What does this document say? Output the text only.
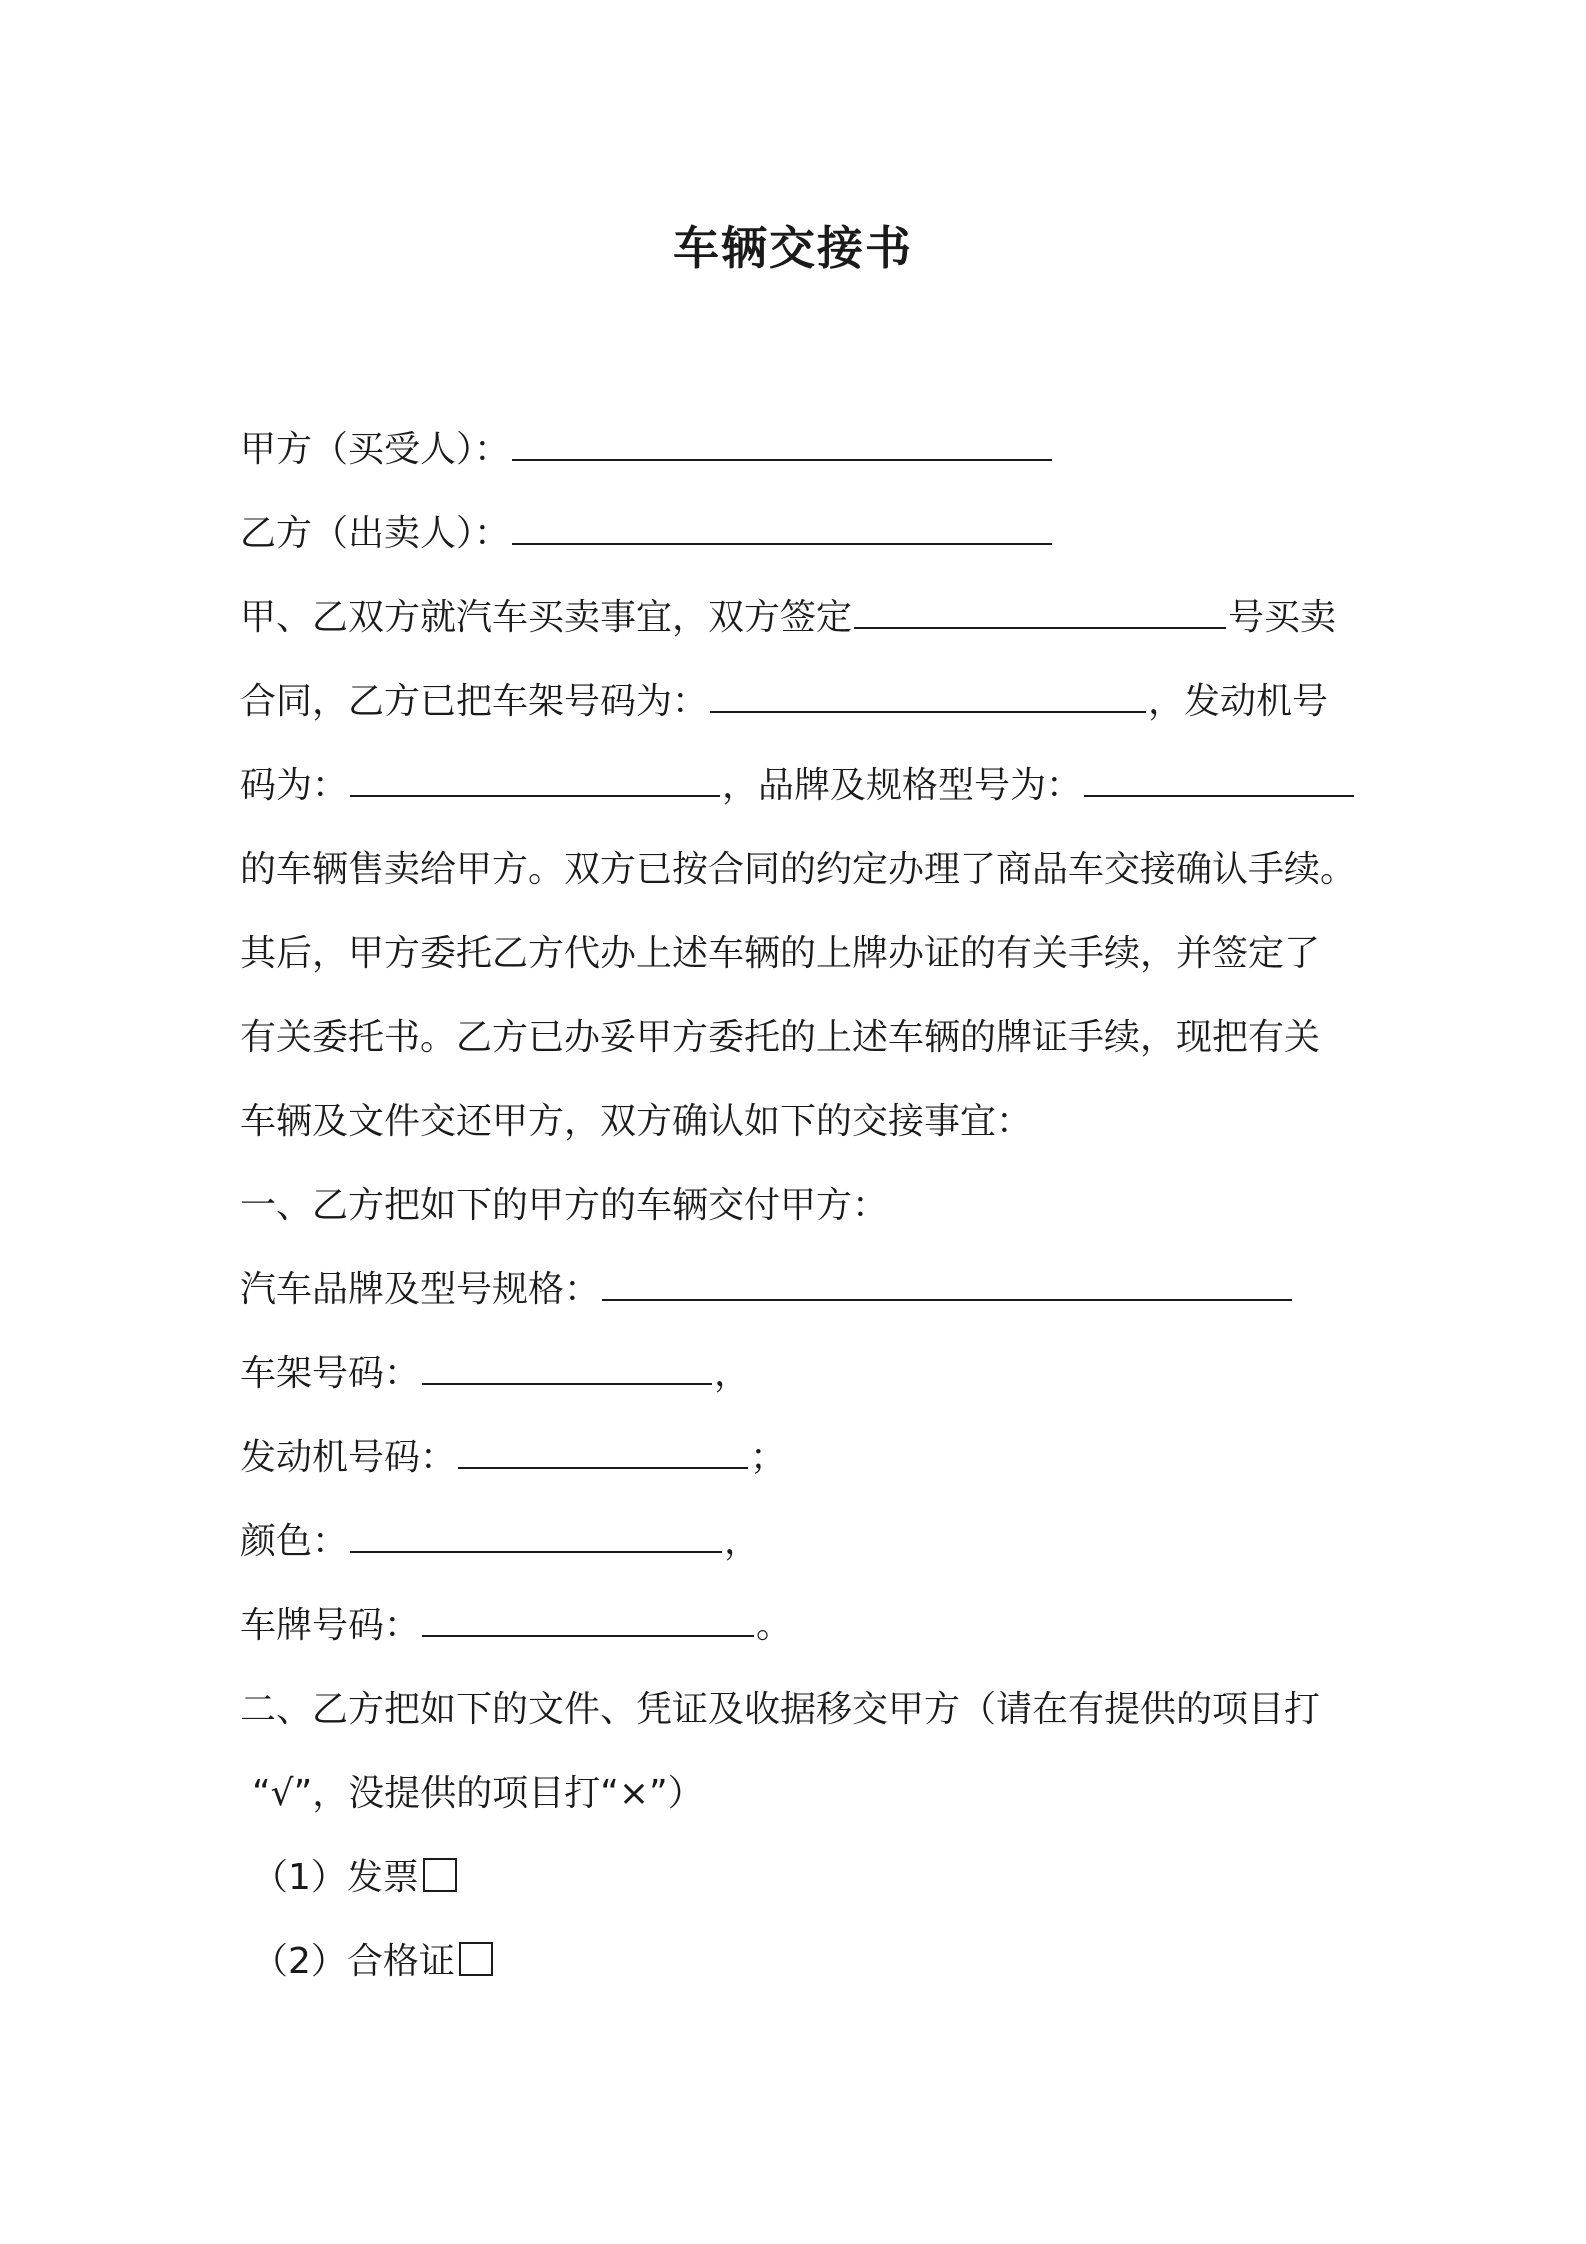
车辆交接书
甲方（买受人）：
乙方（出卖人）：
甲、乙双方就汽车买卖事宜，双方签定	号买卖
合同，乙方已把车架号码为：	，发动机号
码为：	，品牌及规格型号为：
的车辆售卖给甲方。双方已按合同的约定办理了商品车交接确认手续。
其后，甲方委托乙方代办上述车辆的上牌办证的有关手续，并签定了
有关委托书。乙方已办妥甲方委托的上述车辆的牌证手续，现把有关
车辆及文件交还甲方，双方确认如下的交接事宜：
一、乙方把如下的甲方的车辆交付甲方：
汽车品牌及型号规格：
车架号码：	，
发动机号码：	；
颜色：	，
车牌号码：	。
二、乙方把如下的文件、凭证及收据移交甲方（请在有提供的项目打
“√”，没提供的项目打“×”）
（1）发票
（2）合格证
